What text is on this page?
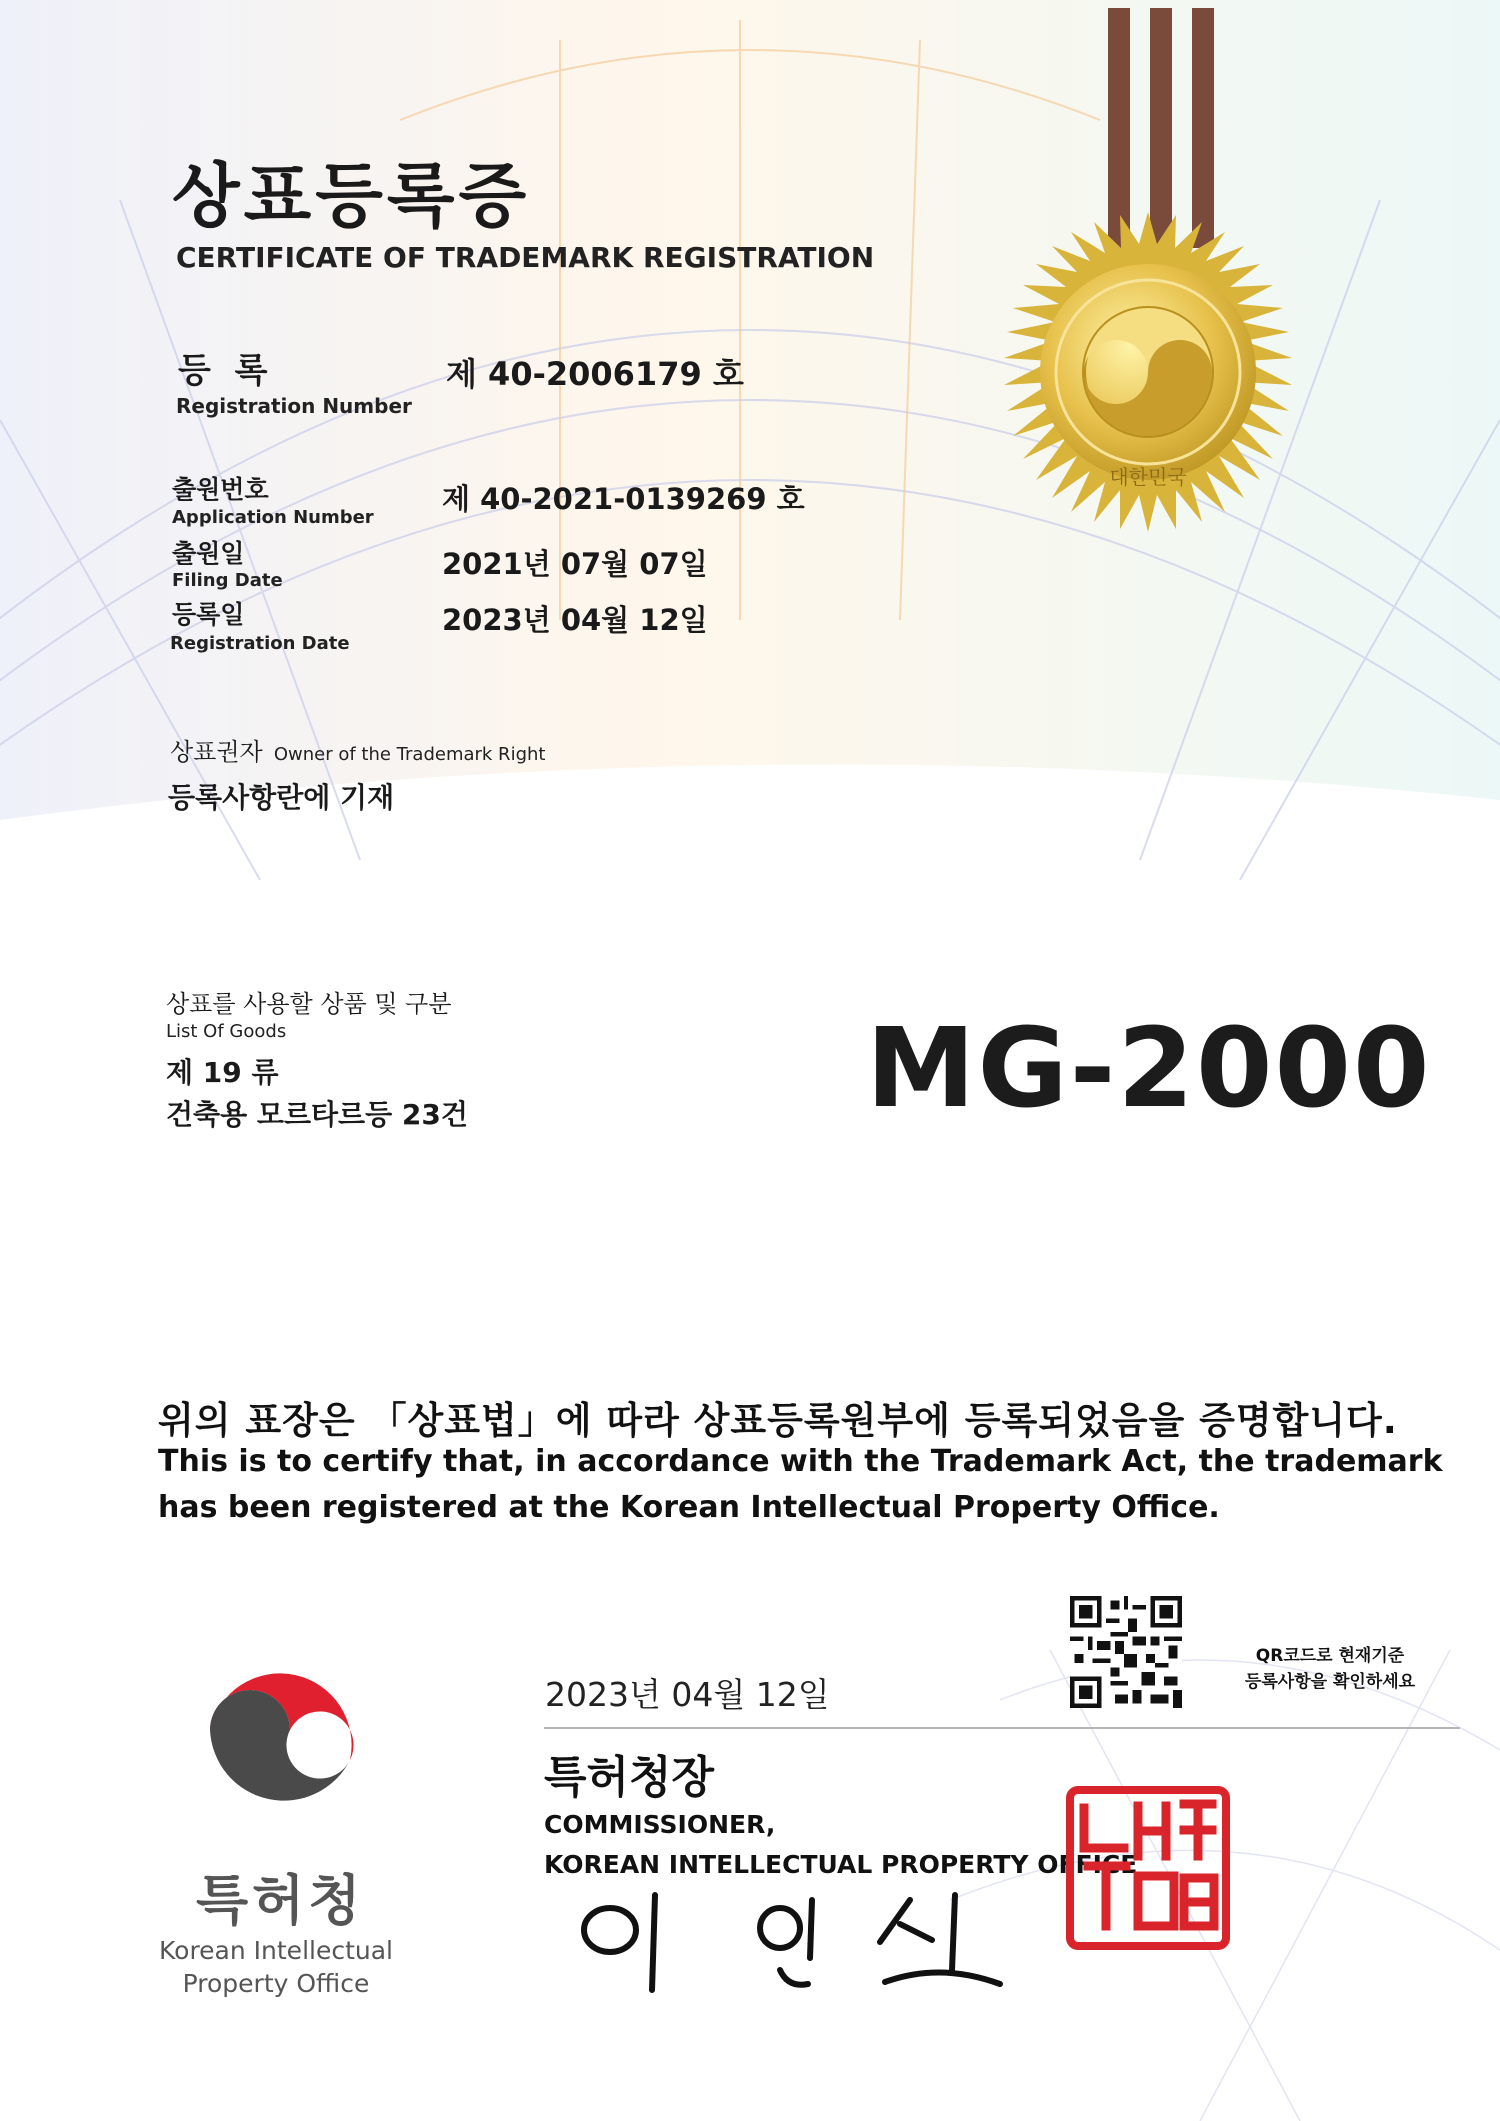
대한민국
상표등록증
CERTIFICATE OF TRADEMARK REGISTRATION
등 록
Registration Number
제 40-2006179 호
출원번호
Application Number
제 40-2021-0139269 호
출원일
Filing Date	2021년 07월 07일
등록일
Registration Date
2023년 04월 12일
상표권자 Owner of the Trademark Right
등록사항란에 기재
상표를 사용할 상품 및 구분
List Of Goods
제 19 류
건축용 모르타르등 23건	MG-2000
위의 표장은 「상표법」에 따라 상표등록원부에 등록되었음을 증명합니다.
This is to certify that, in accordance with the Trademark Act, the trademark
has been registered at the Korean Intellectual Property Office.
특허청
Korean Intellectual
Property Office
2023년 04월 12일
특허청장
COMMISSIONER,
KOREAN INTELLECTUAL PROPERTY OFFICE
QR코드로 현재기준
등록사항을 확인하세요
